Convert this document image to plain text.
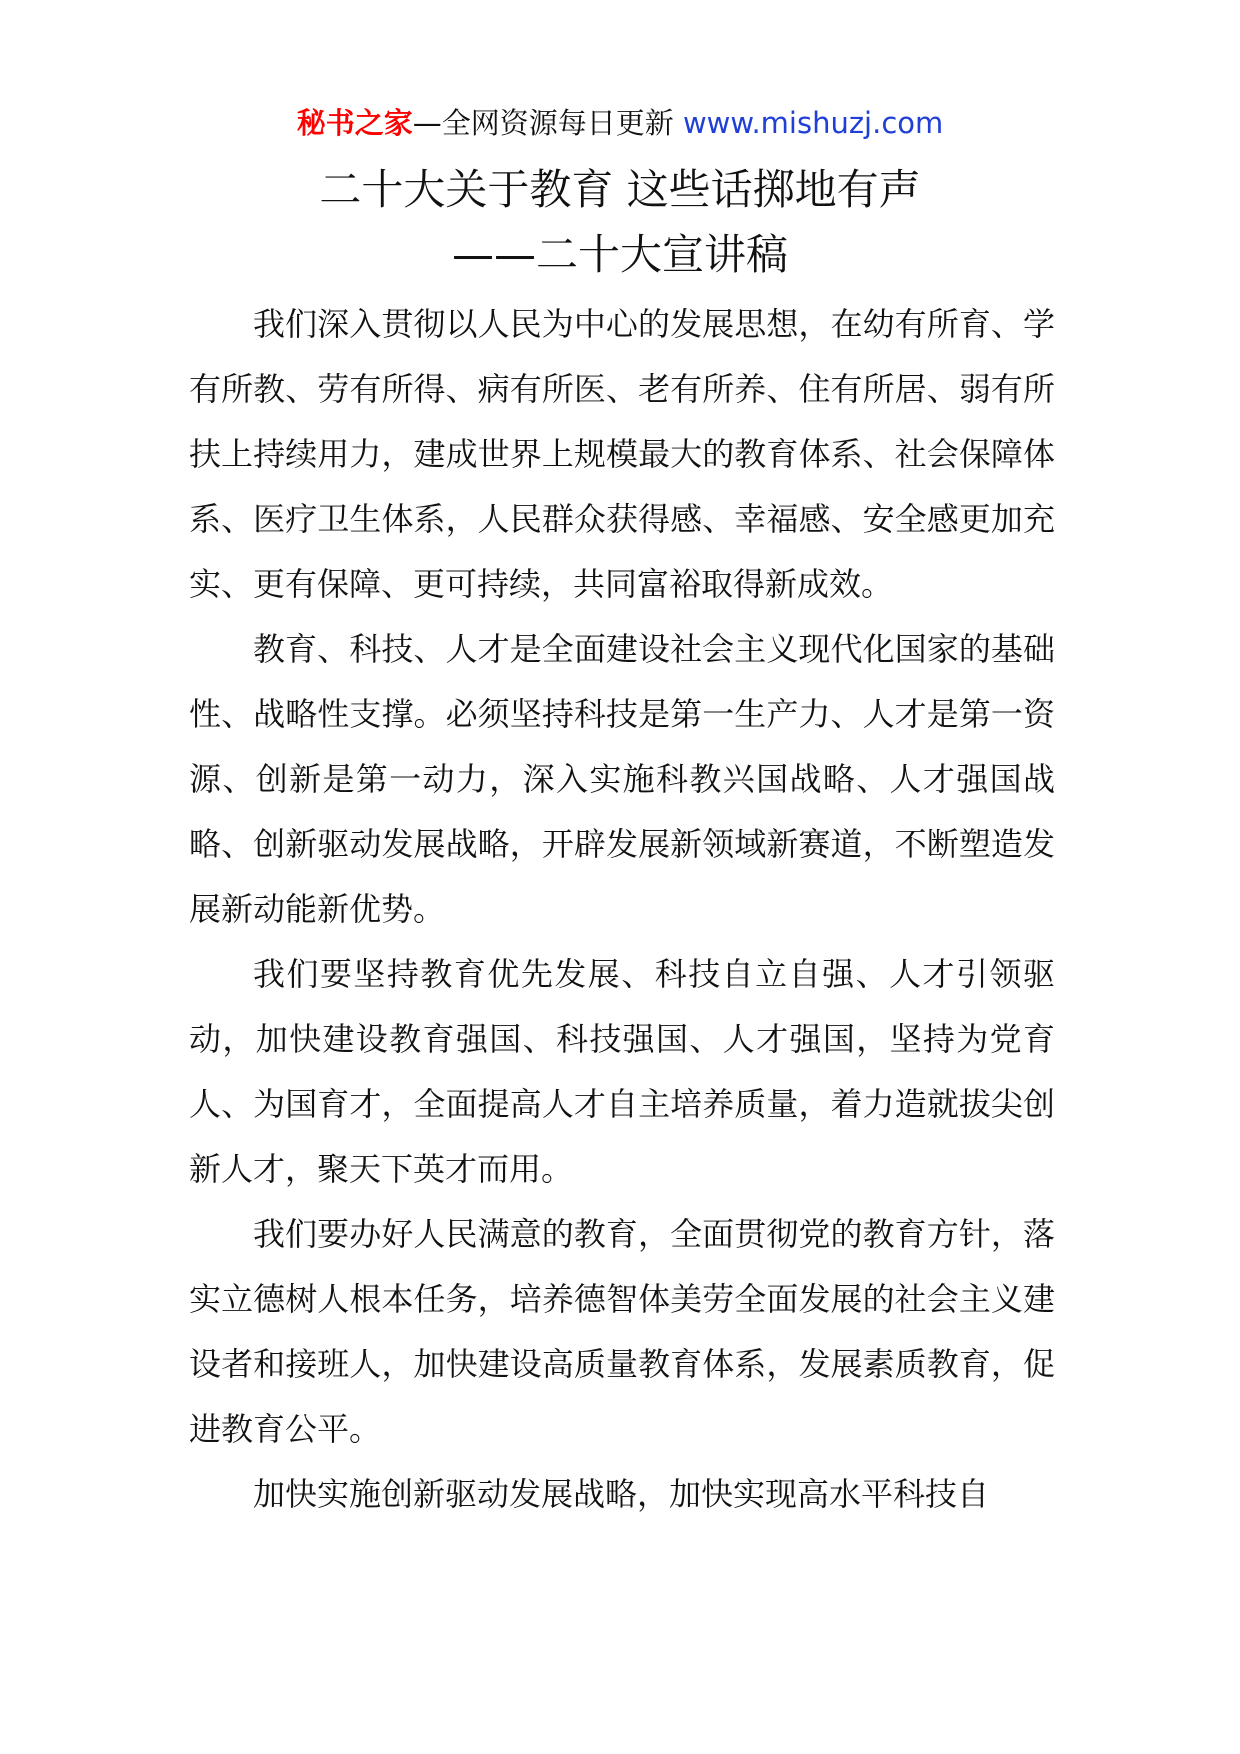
秘书之家—全网资源每日更新 www.mishuzj.com
二十大关于教育 这些话掷地有声
——二十大宣讲稿

我们深入贯彻以人民为中心的发展思想，在幼有所育、学有所教、劳有所得、病有所医、老有所养、住有所居、弱有所扶上持续用力，建成世界上规模最大的教育体系、社会保障体系、医疗卫生体系，人民群众获得感、幸福感、安全感更加充实、更有保障、更可持续，共同富裕取得新成效。

教育、科技、人才是全面建设社会主义现代化国家的基础性、战略性支撑。必须坚持科技是第一生产力、人才是第一资源、创新是第一动力，深入实施科教兴国战略、人才强国战略、创新驱动发展战略，开辟发展新领域新赛道，不断塑造发展新动能新优势。

我们要坚持教育优先发展、科技自立自强、人才引领驱动，加快建设教育强国、科技强国、人才强国，坚持为党育人、为国育才，全面提高人才自主培养质量，着力造就拔尖创新人才，聚天下英才而用。

我们要办好人民满意的教育，全面贯彻党的教育方针，落实立德树人根本任务，培养德智体美劳全面发展的社会主义建设者和接班人，加快建设高质量教育体系，发展素质教育，促进教育公平。

加快实施创新驱动发展战略，加快实现高水平科技自
